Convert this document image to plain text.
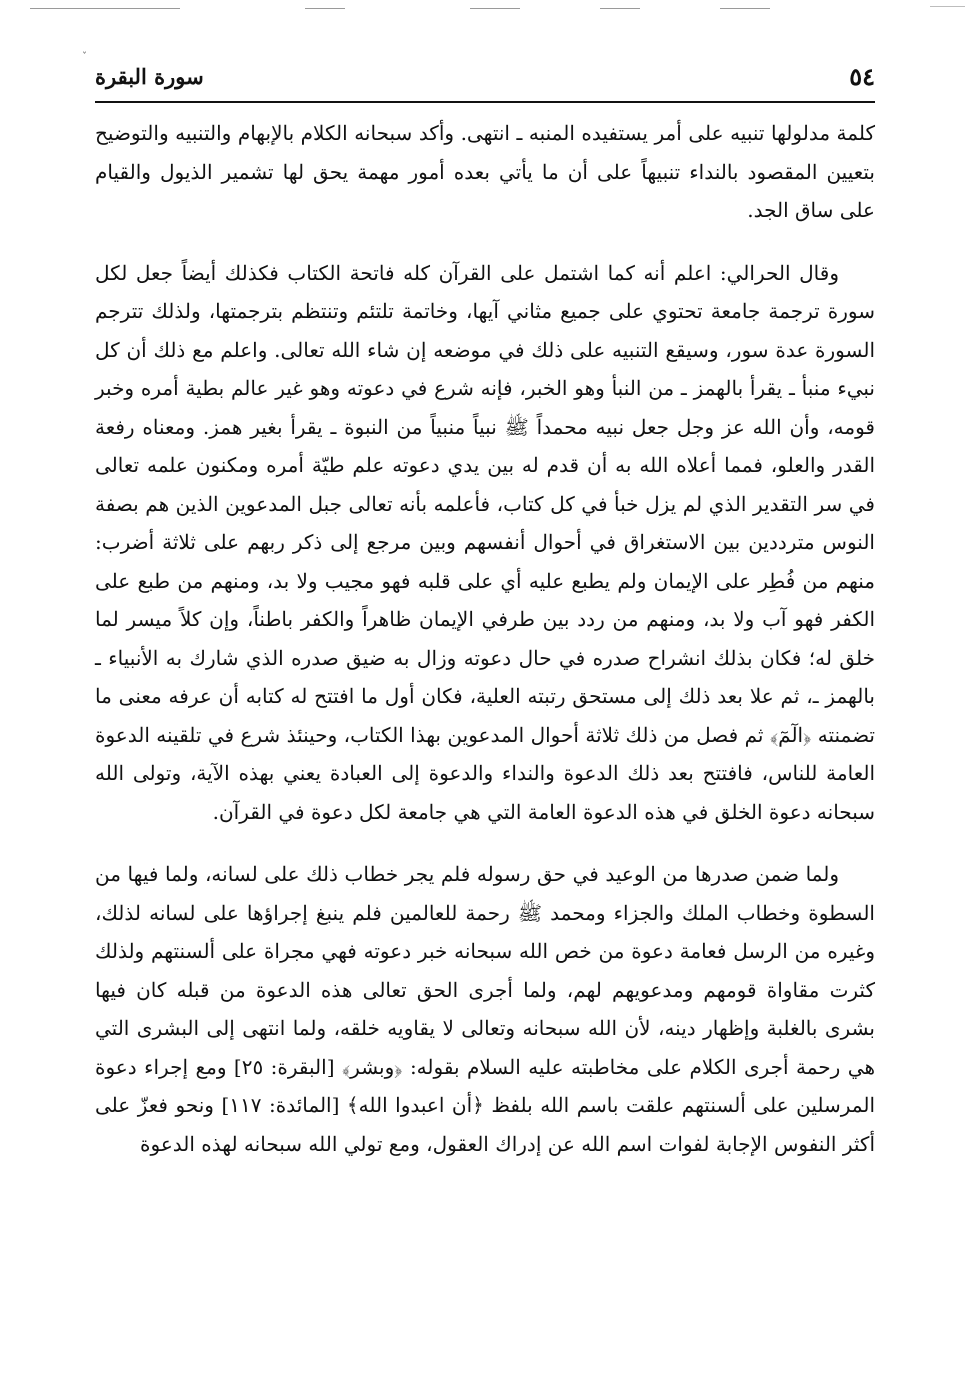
ˇ
٥٤
سورة البقرة

كلمة مدلولها تنبيه على أمر يستفيده المنبه ـ انتهى. وأكد سبحانه الكلام بالإبهام والتنبيه والتوضيح بتعيين المقصود بالنداء تنبيهاً على أن ما يأتي بعده أمور مهمة يحق لها تشمير الذيول والقيام على ساق الجد.

وقال الحرالي: اعلم أنه كما اشتمل على القرآن كله فاتحة الكتاب فكذلك أيضاً جعل لكل سورة ترجمة جامعة تحتوي على جميع مثاني آيها، وخاتمة تلتئم وتنتظم بترجمتها، ولذلك تترجم السورة عدة سور، وسيقع التنبيه على ذلك في موضعه إن شاء الله تعالى. واعلم مع ذلك أن كل نبيء منبأ ـ يقرأ بالهمز ـ من النبأ وهو الخبر، فإنه شرع في دعوته وهو غير عالم بطية أمره وخبر قومه، وأن الله عز وجل جعل نبيه محمداً ﷺ نبياً منبياً من النبوة ـ يقرأ بغير همز. ومعناه رفعة القدر والعلو، فمما أعلاه الله به أن قدم له بين يدي دعوته علم طيّة أمره ومكنون علمه تعالى في سر التقدير الذي لم يزل خبأ في كل كتاب، فأعلمه بأنه تعالى جبل المدعوين الذين هم بصفة النوس مترددين بين الاستغراق في أحوال أنفسهم وبين مرجع إلى ذكر ربهم على ثلاثة أضرب: منهم من فُطِر على الإيمان ولم يطبع عليه أي على قلبه فهو مجيب ولا بد، ومنهم من طبع على الكفر فهو آب ولا بد، ومنهم من ردد بين طرفي الإيمان ظاهراً والكفر باطناً، وإن كلاً ميسر لما خلق له؛ فكان بذلك انشراح صدره في حال دعوته وزال به ضيق صدره الذي شارك به الأنبياء ـ بالهمز ـ، ثم علا بعد ذلك إلى مستحق رتبته العلية، فكان أول ما افتتح له كتابه أن عرفه معنى ما تضمنته ﴿الٓمٓ﴾ ثم فصل من ذلك ثلاثة أحوال المدعوين بهذا الكتاب، وحينئذ شرع في تلقينه الدعوة العامة للناس، فافتتح بعد ذلك الدعوة والنداء والدعوة إلى العبادة يعني بهذه الآية، وتولى الله سبحانه دعوة الخلق في هذه الدعوة العامة التي هي جامعة لكل دعوة في القرآن.

ولما ضمن صدرها من الوعيد في حق رسوله فلم يجر خطاب ذلك على لسانه، ولما فيها من السطوة وخطاب الملك والجزاء ومحمد ﷺ رحمة للعالمين فلم ينبغ إجراؤها على لسانه لذلك، وغيره من الرسل فعامة دعوة من خص الله سبحانه خبر دعوته فهي مجراة على ألسنتهم ولذلك كثرت مقاواة قومهم ومدعويهم لهم، ولما أجرى الحق تعالى هذه الدعوة من قبله كان فيها بشرى بالغلبة وإظهار دينه، لأن الله سبحانه وتعالى لا يقاويه خلقه، ولما انتهى إلى البشرى التي هي رحمة أجرى الكلام على مخاطبته عليه السلام بقوله: ﴿وبشر﴾ [البقرة: ٢٥] ومع إجراء دعوة المرسلين على ألسنتهم علقت باسم الله بلفظ ﴿أن اعبدوا الله﴾ [المائدة: ١١٧] ونحو فعزّ على أكثر النفوس الإجابة لفوات اسم الله عن إدراك العقول، ومع تولي الله سبحانه لهذه الدعوة
